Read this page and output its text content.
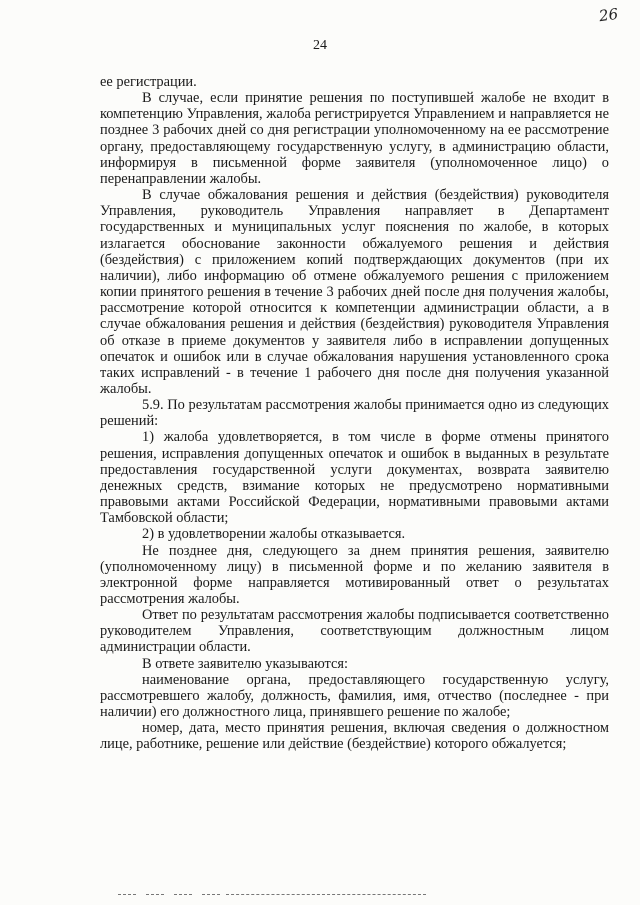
26
24

ее регистрации.

В случае, если принятие решения по поступившей жалобе не входит в компетенцию Управления, жалоба регистрируется Управлением и направляется не позднее 3 рабочих дней со дня регистрации уполномоченному на ее рассмотрение органу, предоставляющему государственную услугу, в администрацию области, информируя в письменной форме заявителя (уполномоченное лицо) о перенаправлении жалобы.

В случае обжалования решения и действия (бездействия) руководителя Управления, руководитель Управления направляет в Департамент государственных и муниципальных услуг пояснения по жалобе, в которых излагается обоснование законности обжалуемого решения и действия (бездействия) с приложением копий подтверждающих документов (при их наличии), либо информацию об отмене обжалуемого решения с приложением копии принятого решения в течение 3 рабочих дней после дня получения жалобы, рассмотрение которой относится к компетенции администрации области, а в случае обжалования решения и действия (бездействия) руководителя Управления об отказе в приеме документов у заявителя либо в исправлении допущенных опечаток и ошибок или в случае обжалования нарушения установленного срока таких исправлений - в течение 1 рабочего дня после дня получения указанной жалобы.

5.9. По результатам рассмотрения жалобы принимается одно из следующих решений:

1) жалоба удовлетворяется, в том числе в форме отмены принятого решения, исправления допущенных опечаток и ошибок в выданных в результате предоставления государственной услуги документах, возврата заявителю денежных средств, взимание которых не предусмотрено нормативными правовыми актами Российской Федерации, нормативными правовыми актами Тамбовской области;

2) в удовлетворении жалобы отказывается.

Не позднее дня, следующего за днем принятия решения, заявителю (уполномоченному лицу) в письменной форме и по желанию заявителя в электронной форме направляется мотивированный ответ о результатах рассмотрения жалобы.

Ответ по результатам рассмотрения жалобы подписывается соответственно руководителем Управления, соответствующим должностным лицом администрации области.

В ответе заявителю указываются:

наименование органа, предоставляющего государственную услугу, рассмотревшего жалобу, должность, фамилия, имя, отчество (последнее - при наличии) его должностного лица, принявшего решение по жалобе;

номер, дата, место принятия решения, включая сведения о должностном лице, работнике, решение или действие (бездействие) которого обжалуется;
